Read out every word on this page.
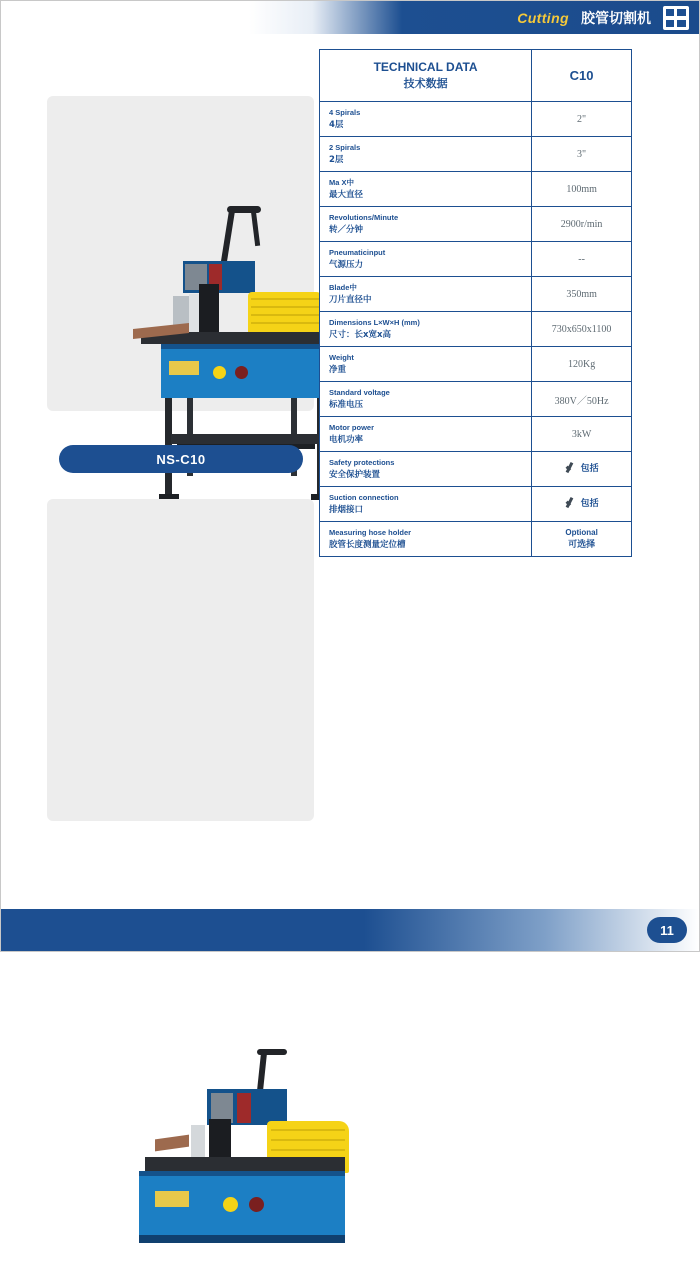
Cutting 胶管切割机
NS-C10
TECHNICAL DATA
技术数据	C10
4 Spirals
4层	2"
2 Spirals
2层	3"
Ma X中
最大直径	100mm
Revolutions/Minute
转／分钟	2900r/min
Pneumaticinput
气源压力	--
Blade中
刀片直径中	350mm
Dimensions L×W×H (mm)
尺寸：长x宽x高	730x650x1100
Weight
净重	120Kg
Standard voltage
标准电压	380V／50Hz
Motor power
电机功率	3kW
Safety protections
安全保护装置	包括

Suction connection
排烟接口	包括

Measuring hose holder
胶管长度测量定位槽	Optional
可选择
11
